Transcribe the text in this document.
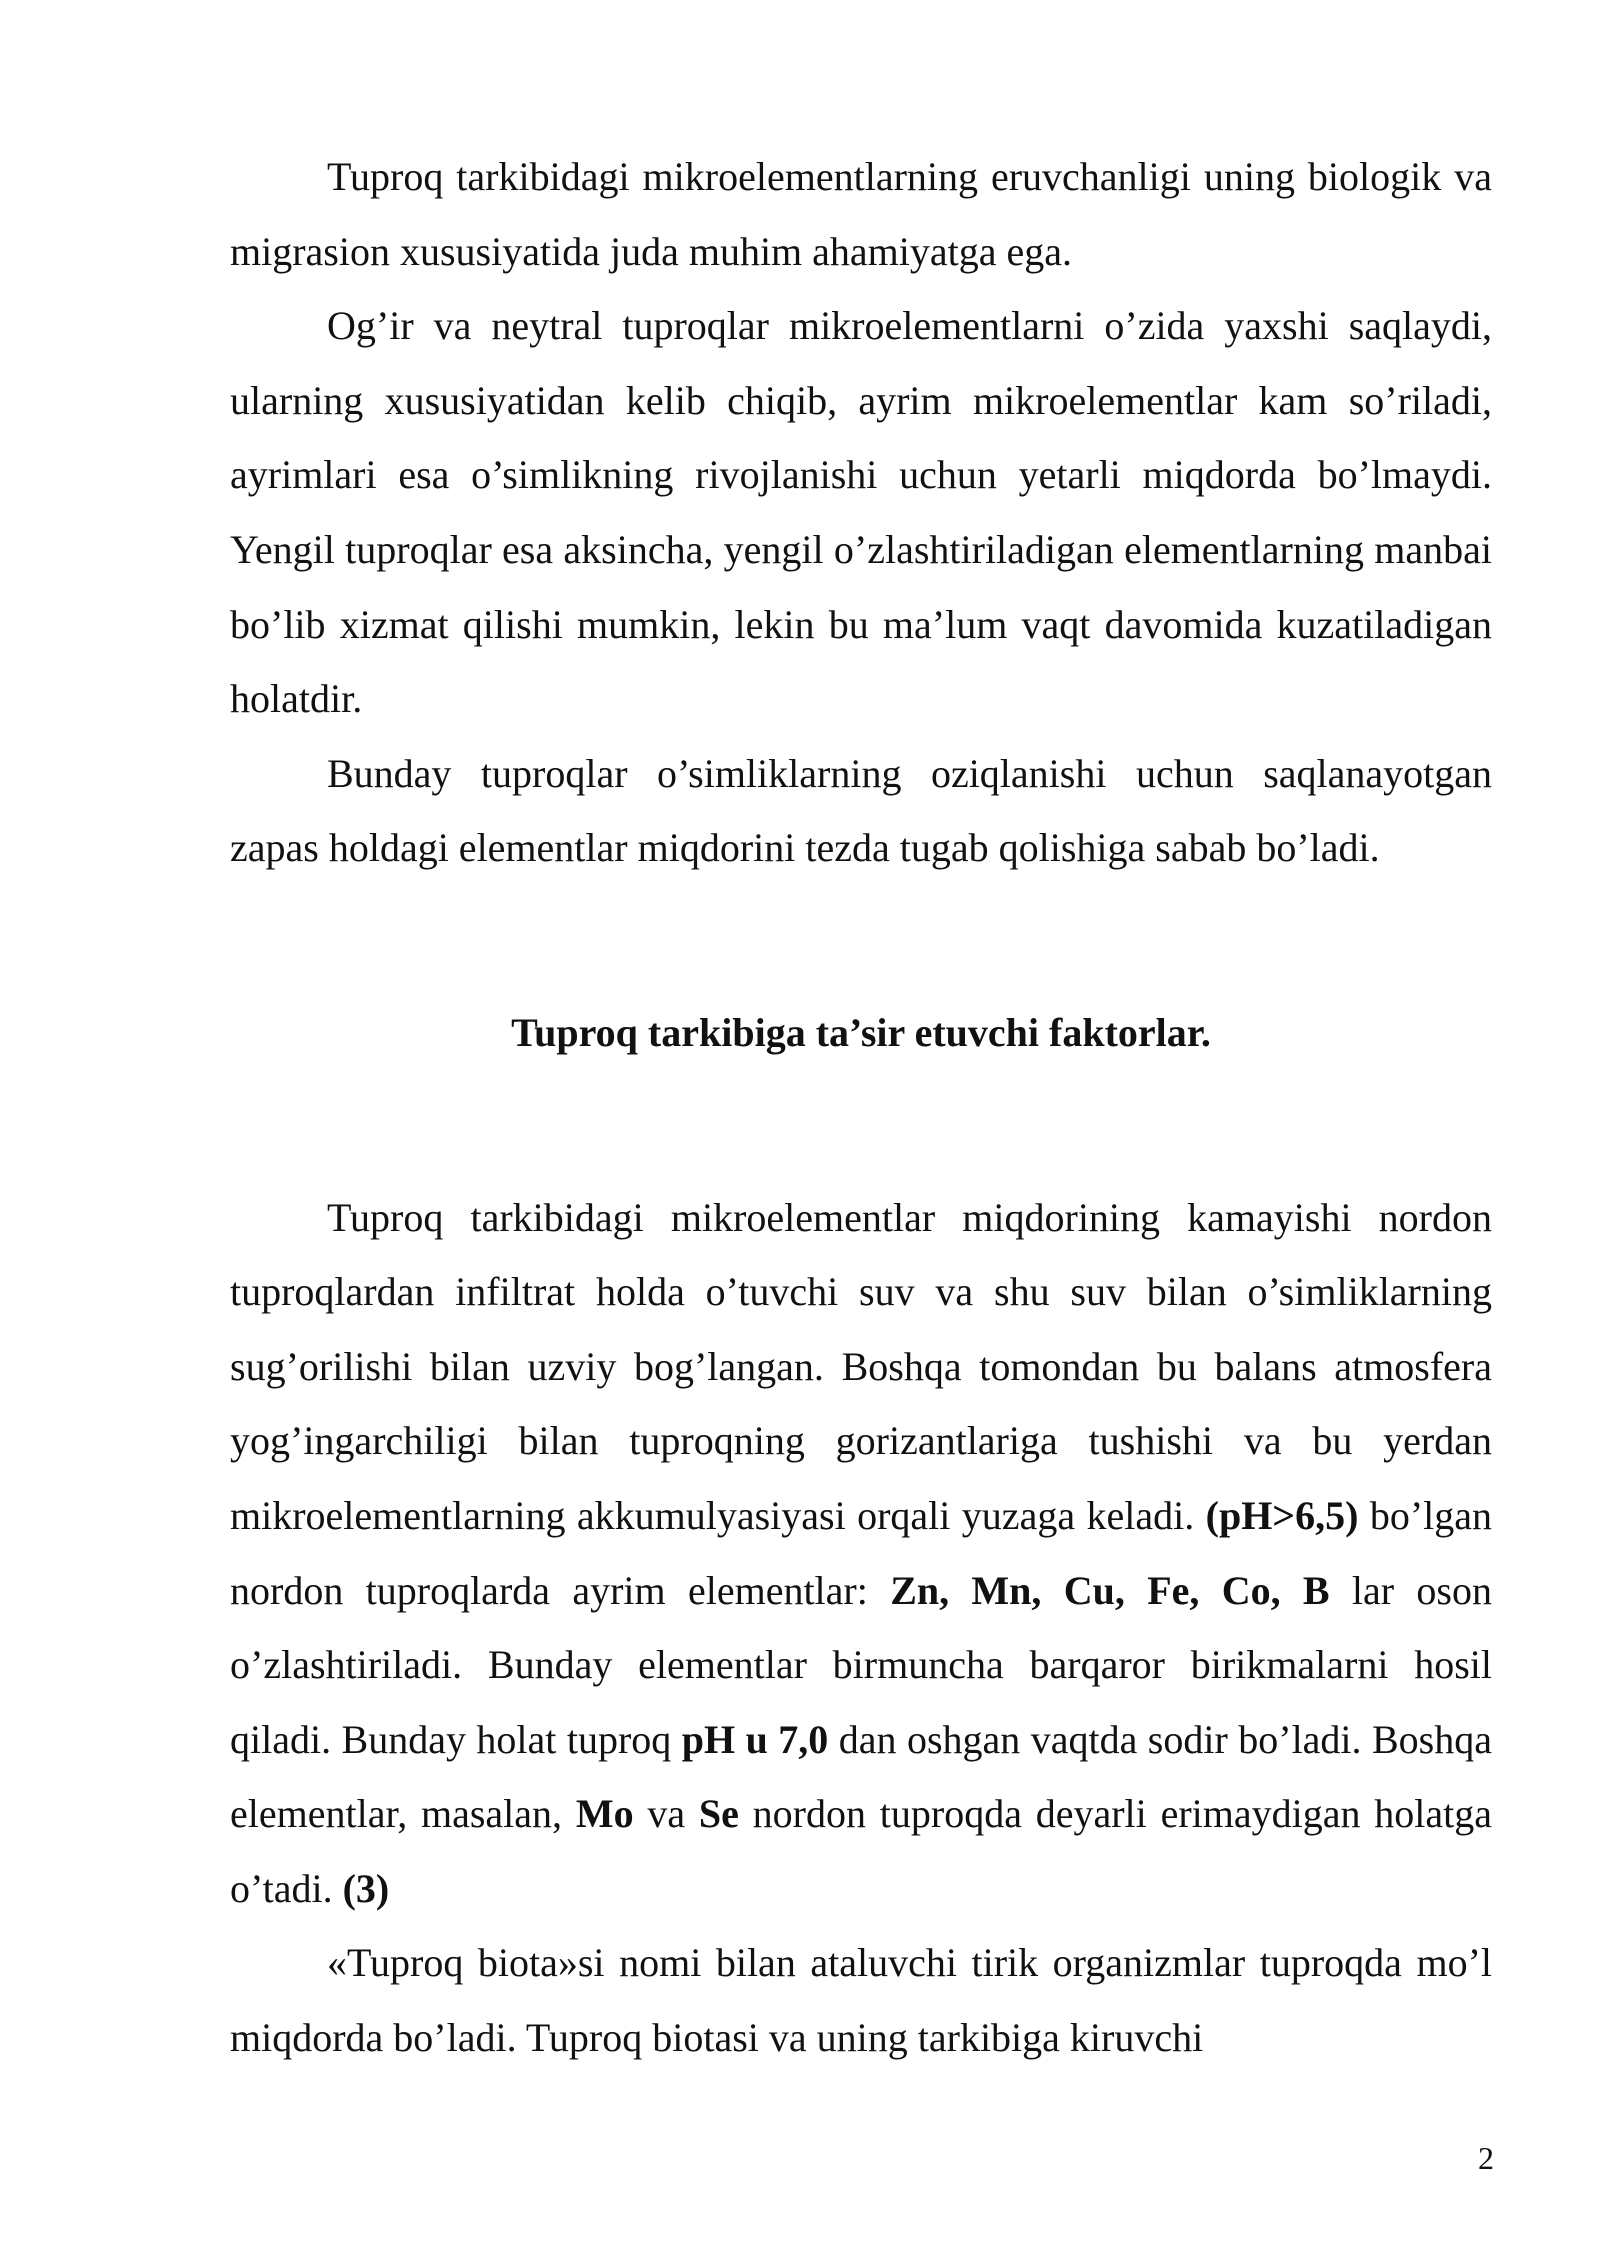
Tuproq tarkibidagi mikroelementlarning eruvchanligi uning biologik va migrasion xususiyatida juda muhim ahamiyatga ega.

Og’ir va neytral tuproqlar mikroelementlarni o’zida yaxshi saqlaydi, ularning xususiyatidan kelib chiqib, ayrim mikroelementlar kam so’riladi, ayrimlari esa o’simlikning rivojlanishi uchun yetarli miqdorda bo’lmaydi. Yengil tuproqlar esa aksincha, yengil o’zlashtiriladigan elementlarning manbai bo’lib xizmat qilishi mumkin, lekin bu ma’lum vaqt davomida kuzatiladigan holatdir.

Bunday tuproqlar o’simliklarning oziqlanishi uchun saqlanayotgan zapas holdagi elementlar miqdorini tezda tugab qolishiga sabab bo’ladi.

Tuproq tarkibiga ta’sir etuvchi faktorlar.

Tuproq tarkibidagi mikroelementlar miqdorining kamayishi nordon tuproqlardan infiltrat holda o’tuvchi suv va shu suv bilan o’simliklarning sug’orilishi bilan uzviy bog’langan. Boshqa tomondan bu balans atmosfera yog’ingarchiligi bilan tuproqning gorizantlariga tushishi va bu yerdan mikroelementlarning akkumulyasiyasi orqali yuzaga keladi. (pH>6,5) bo’lgan nordon tuproqlarda ayrim elementlar: Zn, Mn, Cu, Fe, Co, B lar oson o’zlashtiriladi. Bunday elementlar birmuncha barqaror birikmalarni hosil qiladi. Bunday holat tuproq pH u 7,0 dan oshgan vaqtda sodir bo’ladi. Boshqa elementlar, masalan, Mo va Se nordon tuproqda deyarli erimaydigan holatga o’tadi. (3)

«Tuproq biota»si nomi bilan ataluvchi tirik organizmlar tuproqda mo’l miqdorda bo’ladi. Tuproq biotasi va uning tarkibiga kiruvchi

2
